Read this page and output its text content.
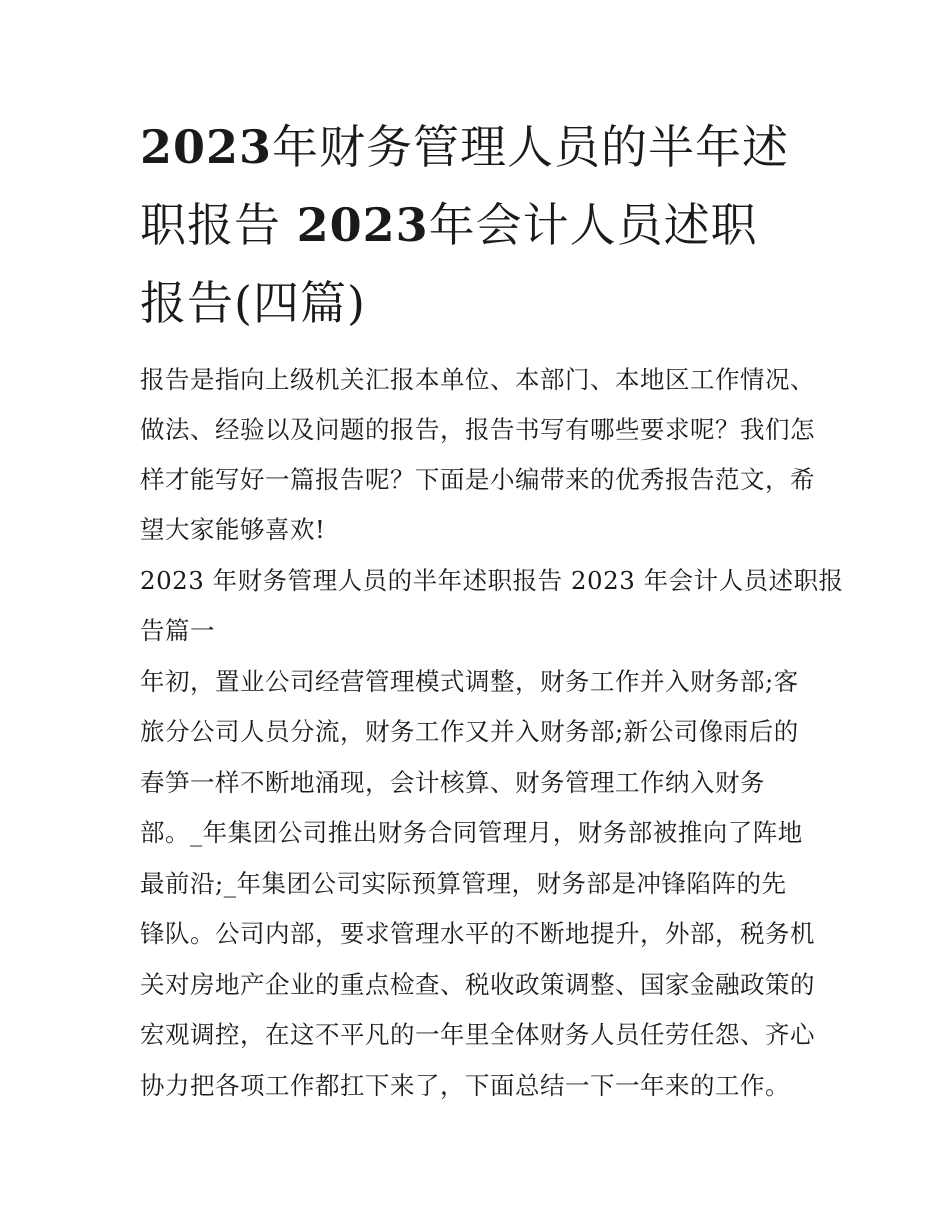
2023年财务管理人员的半年述
职报告 2023年会计人员述职
报告(四篇)
报告是指向上级机关汇报本单位、本部门、本地区工作情况、
做法、经验以及问题的报告，报告书写有哪些要求呢？我们怎
样才能写好一篇报告呢？下面是小编带来的优秀报告范文，希
望大家能够喜欢!
2023 年财务管理人员的半年述职报告 2023 年会计人员述职报
告篇一
年初，置业公司经营管理模式调整，财务工作并入财务部;客
旅分公司人员分流，财务工作又并入财务部;新公司像雨后的
春笋一样不断地涌现，会计核算、财务管理工作纳入财务
部。_年集团公司推出财务合同管理月，财务部被推向了阵地
最前沿;_年集团公司实际预算管理，财务部是冲锋陷阵的先
锋队。公司内部，要求管理水平的不断地提升，外部，税务机
关对房地产企业的重点检查、税收政策调整、国家金融政策的
宏观调控，在这不平凡的一年里全体财务人员任劳任怨、齐心
协力把各项工作都扛下来了，下面总结一下一年来的工作。
